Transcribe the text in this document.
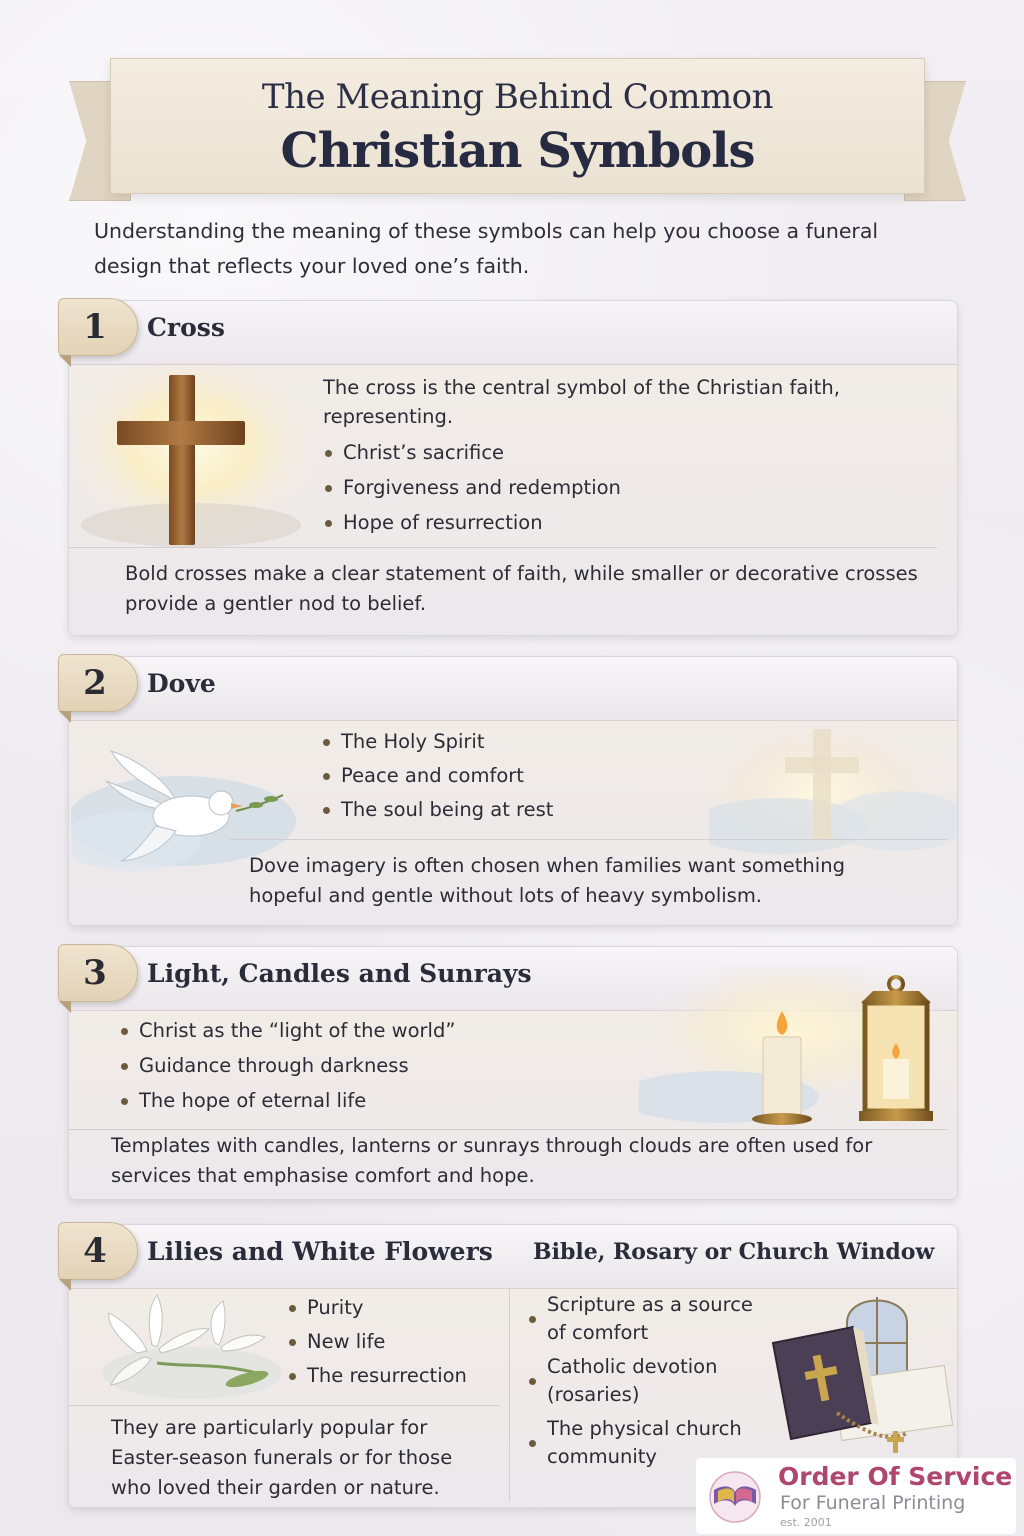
The Meaning Behind Common
Christian Symbols
Understanding the meaning of these symbols can help you choose a funeral design that reflects your loved one’s faith.
Cross
The cross is the central symbol of the Christian faith, representing.
Christ’s sacrifice
Forgiveness and redemption
Hope of resurrection
Bold crosses make a clear statement of faith, while smaller or decorative crosses provide a gentler nod to belief.
1
Dove
The Holy Spirit
Peace and comfort
The soul being at rest
Dove imagery is often chosen when families want something hopeful and gentle without lots of heavy symbolism.
2
Light, Candles and Sunrays
Christ as the “light of the world”
Guidance through darkness
The hope of eternal life
Templates with candles, lanterns or sunrays through clouds are often used for services that emphasise comfort and hope.
3
Lilies and White Flowers Bible, Rosary or Church Window
Purity
New life
The resurrection
They are particularly popular for Easter-season funerals or for those who loved their garden or nature.
Scripture as a source of comfort
Catholic devotion (rosaries)
The physical church community
4
Order Of Service
For Funeral Printing
est. 2001
